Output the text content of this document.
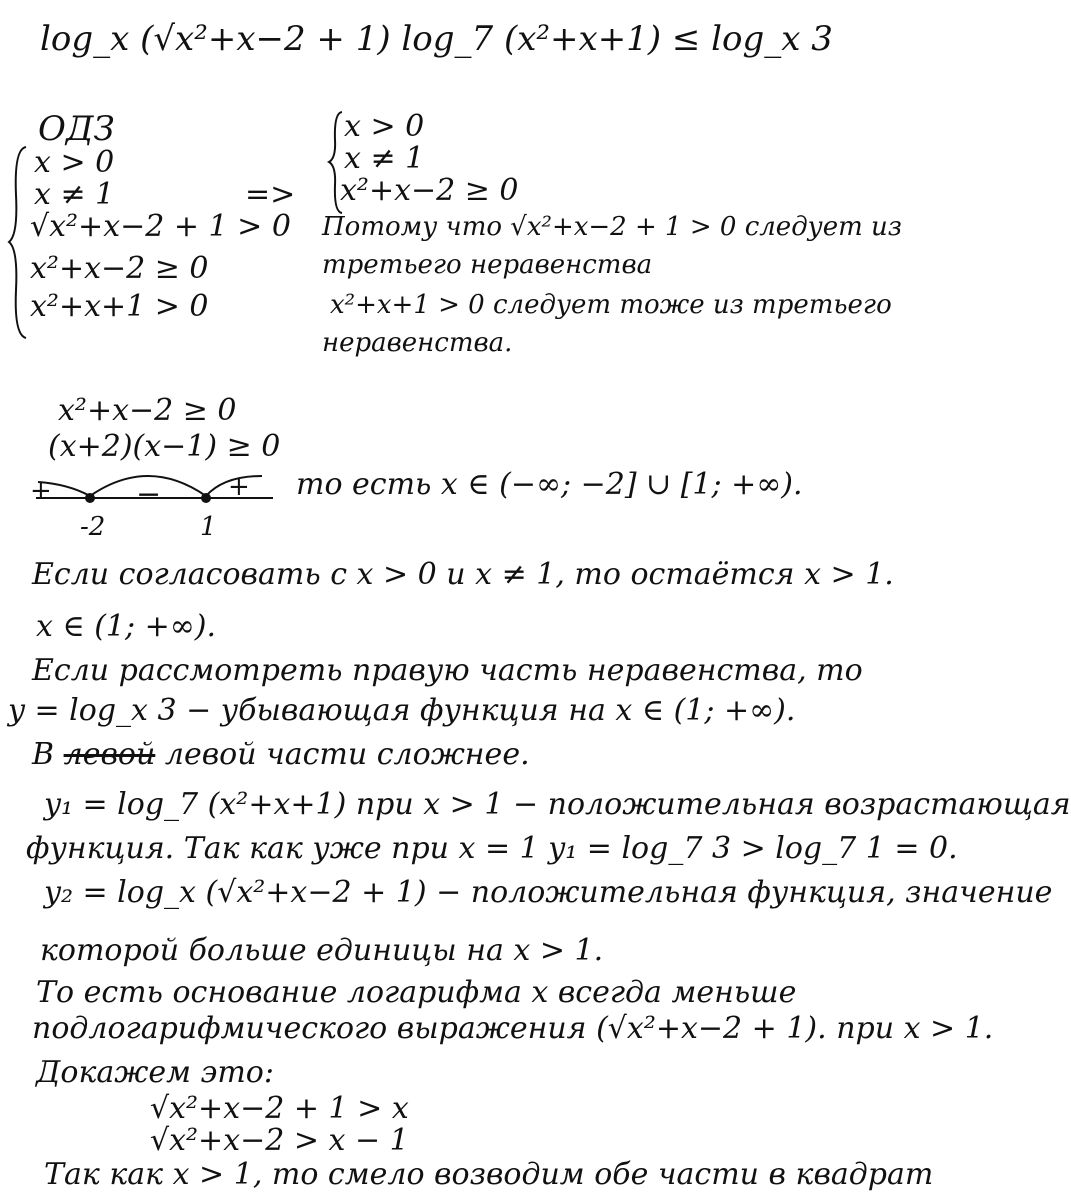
log_x (√x²+x−2 + 1) log_7 (x²+x+1) ≤ log_x 3
ОДЗ
x > 0
x ≠ 1
√x²+x−2 + 1 > 0
x²+x−2 ≥ 0
x²+x+1 > 0
=>
x > 0
x ≠ 1
x²+x−2 ≥ 0
Потому что √x²+x−2 + 1 > 0 следует из
третьего неравенства
x²+x+1 > 0 следует тоже из третьего
неравенства.
x²+x−2 ≥ 0
(x+2)(x−1) ≥ 0
+	−	+
-2	1
то есть x ∈ (−∞; −2] ∪ [1; +∞).
Если согласовать с x > 0 и x ≠ 1, то остаётся x > 1.
x ∈ (1; +∞).
Если рассмотреть правую часть неравенства, то
y = log_x 3 − убывающая функция на x ∈ (1; +∞).
В левой левой части сложнее.
y₁ = log_7 (x²+x+1) при x > 1 − положительная возрастающая
функция. Так как уже при x = 1 y₁ = log_7 3 > log_7 1 = 0.
y₂ = log_x (√x²+x−2 + 1) − положительная функция, значение
которой больше единицы на x > 1.
То есть основание логарифма x всегда меньше
подлогарифмического выражения (√x²+x−2 + 1). при x > 1.
Докажем это:
√x²+x−2 + 1 > x
√x²+x−2 > x − 1
Так как x > 1, то смело возводим обе части в квадрат
